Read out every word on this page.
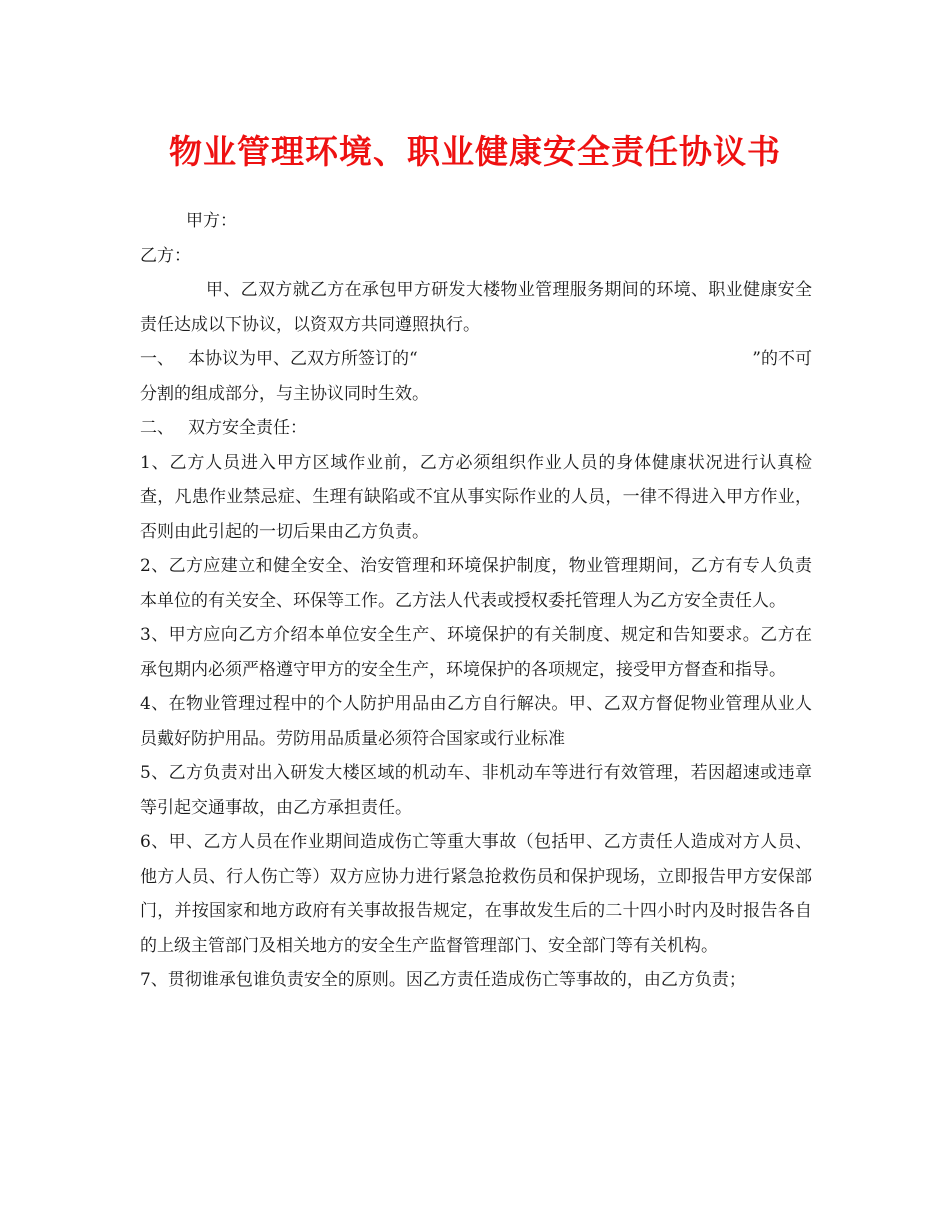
物业管理环境、职业健康安全责任协议书

甲方：

乙方：

甲、乙双方就乙方在承包甲方研发大楼物业管理服务期间的环境、职业健康安全责任达成以下协议，以资双方共同遵照执行。

一、 本协议为甲、乙双方所签订的“	”的不可

分割的组成部分，与主协议同时生效。

二、 双方安全责任：

1、乙方人员进入甲方区域作业前，乙方必须组织作业人员的身体健康状况进行认真检查，凡患作业禁忌症、生理有缺陷或不宜从事实际作业的人员，一律不得进入甲方作业，否则由此引起的一切后果由乙方负责。

2、乙方应建立和健全安全、治安管理和环境保护制度，物业管理期间，乙方有专人负责本单位的有关安全、环保等工作。乙方法人代表或授权委托管理人为乙方安全责任人。

3、甲方应向乙方介绍本单位安全生产、环境保护的有关制度、规定和告知要求。乙方在承包期内必须严格遵守甲方的安全生产，环境保护的各项规定，接受甲方督查和指导。

4、在物业管理过程中的个人防护用品由乙方自行解决。甲、乙双方督促物业管理从业人员戴好防护用品。劳防用品质量必须符合国家或行业标准

5、乙方负责对出入研发大楼区域的机动车、非机动车等进行有效管理，若因超速或违章等引起交通事故，由乙方承担责任。

6、甲、乙方人员在作业期间造成伤亡等重大事故（包括甲、乙方责任人造成对方人员、他方人员、行人伤亡等）双方应协力进行紧急抢救伤员和保护现场，立即报告甲方安保部门，并按国家和地方政府有关事故报告规定，在事故发生后的二十四小时内及时报告各自的上级主管部门及相关地方的安全生产监督管理部门、安全部门等有关机构。

7、贯彻谁承包谁负责安全的原则。因乙方责任造成伤亡等事故的，由乙方负责；
